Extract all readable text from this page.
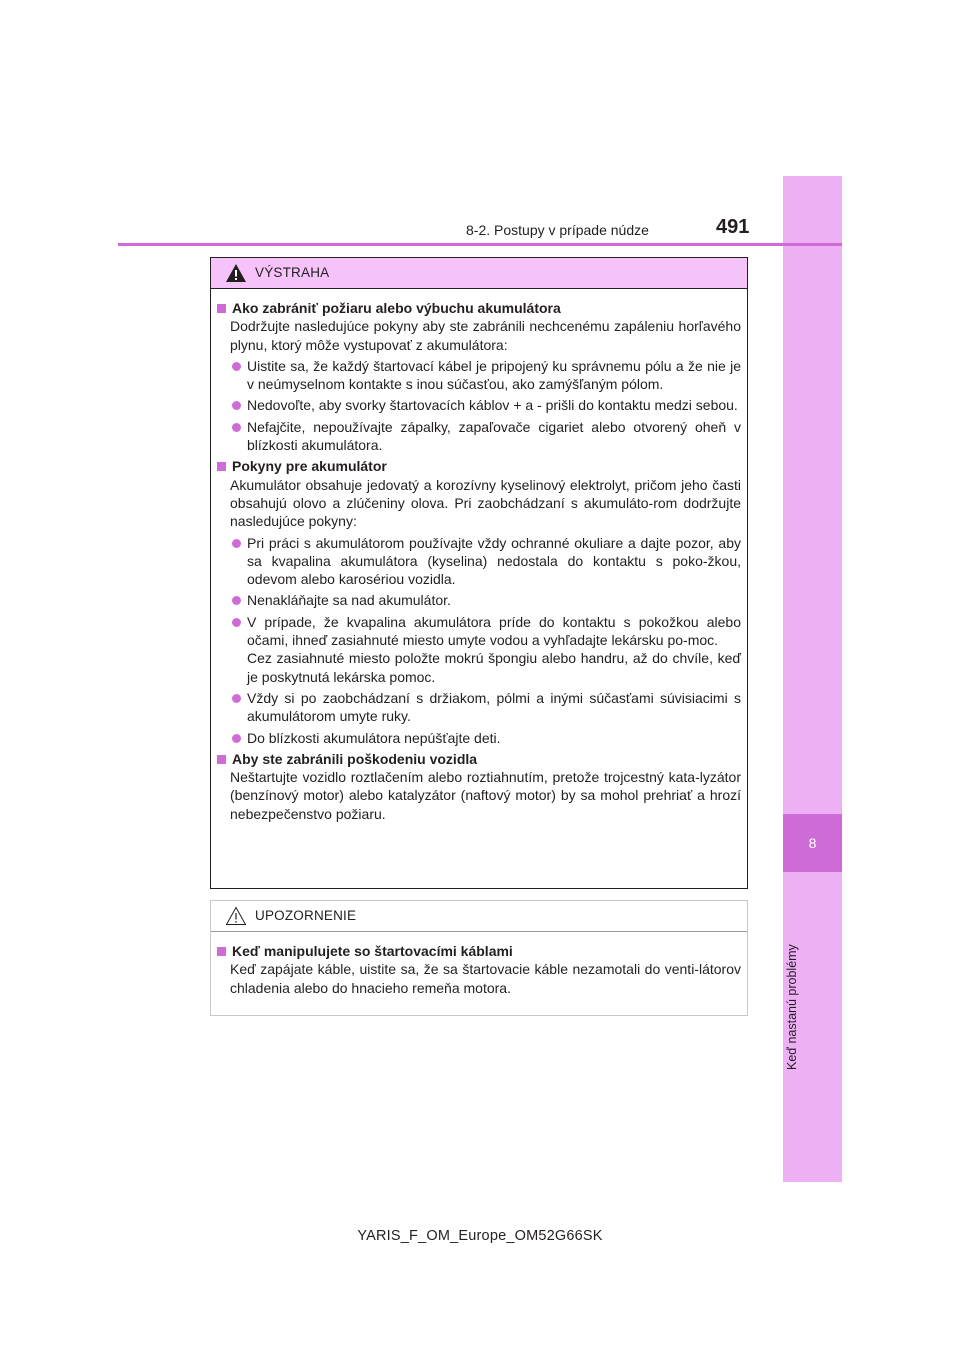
8
Keď nastanú problémy
8-2. Postupy v prípade núdze	491
VÝSTRAHA
Ako zabrániť požiaru alebo výbuchu akumulátora
Dodržujte nasledujúce pokyny aby ste zabránili nechcenému zapáleniu horľavého plynu, ktorý môže vystupovať z akumulátora:
Uistite sa, že každý štartovací kábel je pripojený ku správnemu pólu a že nie je v neúmyselnom kontakte s inou súčasťou, ako zamýšľaným pólom.
Nedovoľte, aby svorky štartovacích káblov + a - prišli do kontaktu medzi sebou.
Nefajčite, nepoužívajte zápalky, zapaľovače cigariet alebo otvorený oheň v blízkosti akumulátora.
Pokyny pre akumulátor
Akumulátor obsahuje jedovatý a korozívny kyselinový elektrolyt, pričom jeho časti obsahujú olovo a zlúčeniny olova. Pri zaobchádzaní s akumuláto-rom dodržujte nasledujúce pokyny:
Pri práci s akumulátorom používajte vždy ochranné okuliare a dajte pozor, aby sa kvapalina akumulátora (kyselina) nedostala do kontaktu s poko-žkou, odevom alebo karosériou vozidla.
Nenakláňajte sa nad akumulátor.
V prípade, že kvapalina akumulátora príde do kontaktu s pokožkou alebo očami, ihneď zasiahnuté miesto umyte vodou a vyhľadajte lekársku po-moc.
Cez zasiahnuté miesto položte mokrú špongiu alebo handru, až do chvíle, keď je poskytnutá lekárska pomoc.
Vždy si po zaobchádzaní s držiakom, pólmi a inými súčasťami súvisiacimi s akumulátorom umyte ruky.
Do blízkosti akumulátora nepúšťajte deti.
Aby ste zabránili poškodeniu vozidla
Neštartujte vozidlo roztlačením alebo roztiahnutím, pretože trojcestný kata-lyzátor (benzínový motor) alebo katalyzátor (naftový motor) by sa mohol prehriať a hrozí nebezpečenstvo požiaru.
UPOZORNENIE
Keď manipulujete so štartovacími káblami
Keď zapájate káble, uistite sa, že sa štartovacie káble nezamotali do venti-látorov chladenia alebo do hnacieho remeňa motora.
YARIS_F_OM_Europe_OM52G66SK
